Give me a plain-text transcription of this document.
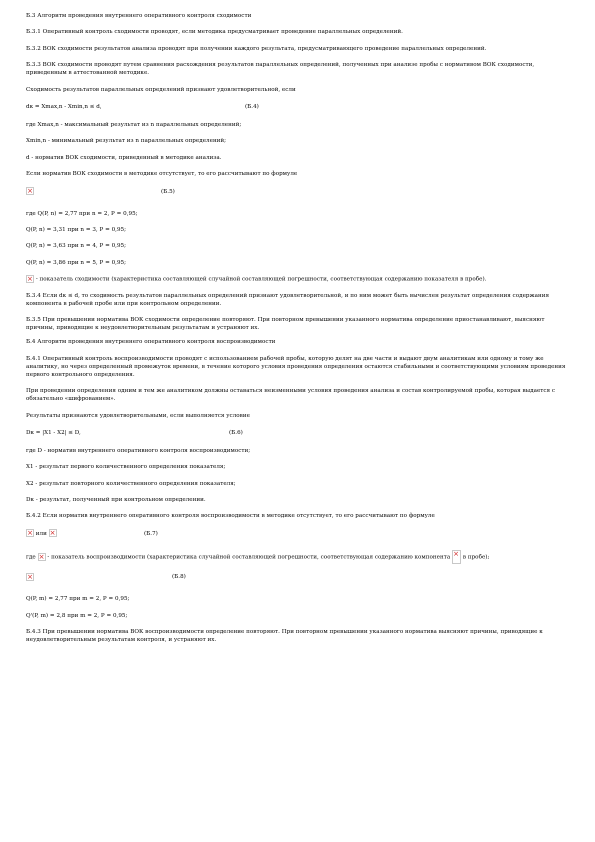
Б.3 Алгоритм проведения внутреннего оперативного контроля сходимости

Б.3.1 Оперативный контроль сходимости проводят, если методика предусматривает проведение параллельных определений.

Б.3.2 ВОК сходимости результатов анализа проводят при получении каждого результата, предусматривающего проведение параллельных определений.

Б.3.3 ВОК сходимости проводят путем сравнения расхождения результатов параллельных определений, полученных при анализе пробы с нормативом ВОК сходимости, приведенным в аттестованной методике.

Сходимость результатов параллельных определений признают удовлетворительной, если

dк = Xmax,n - Xmin,n ≤ d,	(Б.4)

где Xmax,n - максимальный результат из n параллельных определений;

Xmin,n - минимальный результат из n параллельных определений;

d - норматив ВОК сходимости, приведенный в методике анализа.

Если норматив ВОК сходимости в методике отсутствует, то его рассчитывают по формуле

×
(Б.5)

где Q(P, n) = 2,77 при n = 2, P = 0,95;

Q(P, n) = 3,31 при n = 3, P = 0,95;

Q(P, n) = 3,63 при n = 4, P = 0,95;

Q(P, n) = 3,86 при n = 5, P = 0,95;

× - показатель сходимости (характеристика составляющей случайной составляющей погрешности, соответствующая содержанию показателя в пробе).

Б.3.4 Если dк ≤ d, то сходимость результатов параллельных определений признают удовлетворительной, и по ним может быть вычислен результат определения содержания компонента в рабочей пробе или при контрольном определении.

Б.3.5 При превышении норматива ВОК сходимости определение повторяют. При повторном превышении указанного норматива определение приостанавливают, выясняют причины, приводящие к неудовлетворительным результатам и устраняют их.

Б.4 Алгоритм проведения внутреннего оперативного контроля воспроизводимости

Б.4.1 Оперативный контроль воспроизводимости проводят с использованием рабочей пробы, которую делят на две части и выдают двум аналитикам или одному и тому же аналитику, но через определенный промежуток времени, в течение которого условия проведения определения остаются стабильными и соответствующими условиям проведения первого контрольного определения.

При проведении определения одним и тем же аналитиком должны оставаться неизменными условия проведения анализа и состав контролируемой пробы, которая выдается с обязательно «шифрованием».

Результаты признаются удовлетворительными, если выполняется условие

Dк = |X1 - X2| ≤ D,	(Б.6)

где D - норматив внутреннего оперативного контроля воспроизводимости;

X1 - результат первого количественного определения показателя;

X2 - результат повторного количественного определения показателя;

Dк - результат, полученный при контрольном определении.

Б.4.2 Если норматив внутреннего оперативного контроля воспроизводимости в методике отсутствует, то его рассчитывают по формуле

× или ×	(Б.7)

где × - показатель воспроизводимости (характеристика случайной составляющей погрешности, соответствующая содержанию компонента × в пробе);

×
(Б.8)

Q(P, m) = 2,77 при m = 2, P = 0,95;

Q'(P, m) = 2,8 при m = 2, P = 0,95;

Б.4.3 При превышении норматива ВОК воспроизводимости определение повторяют. При повторном превышении указанного норматива выясняют причины, приводящие к неудовлетворительным результатам контроля, и устраняют их.
